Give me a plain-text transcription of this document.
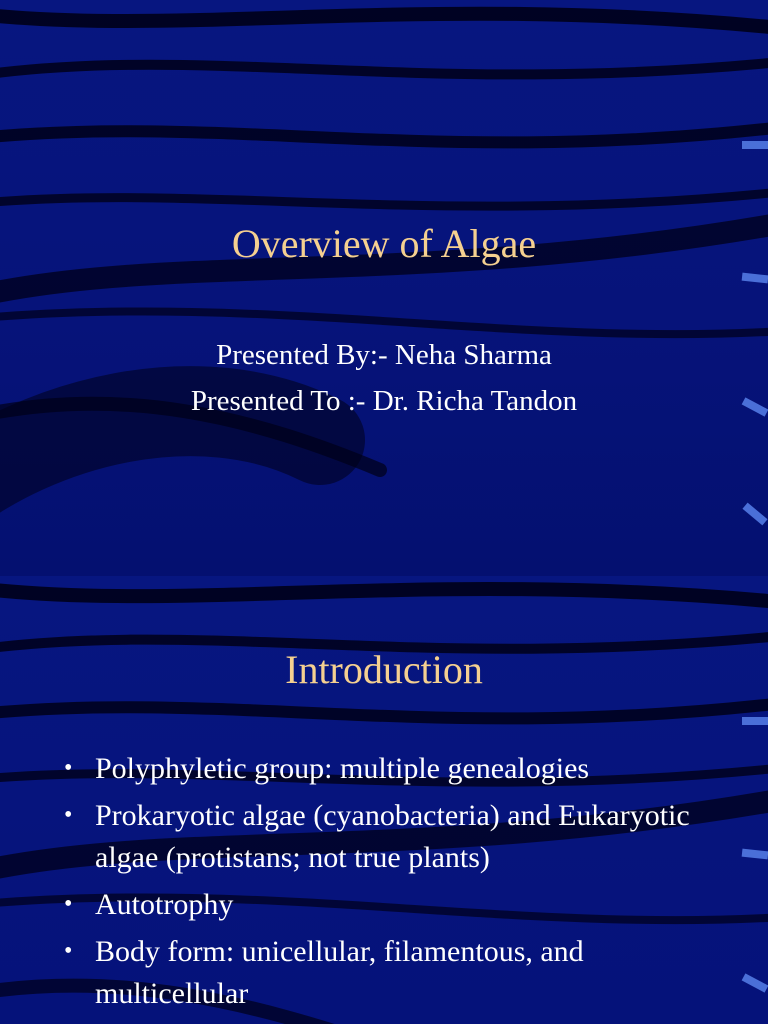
Overview of Algae
Presented By:- Neha Sharma
Presented To :- Dr. Richa Tandon
Introduction
• Polyphyletic group: multiple genealogies
• Prokaryotic algae (cyanobacteria) and Eukaryotic algae (protistans; not true plants)
• Autotrophy
• Body form: unicellular, filamentous, and multicellular
